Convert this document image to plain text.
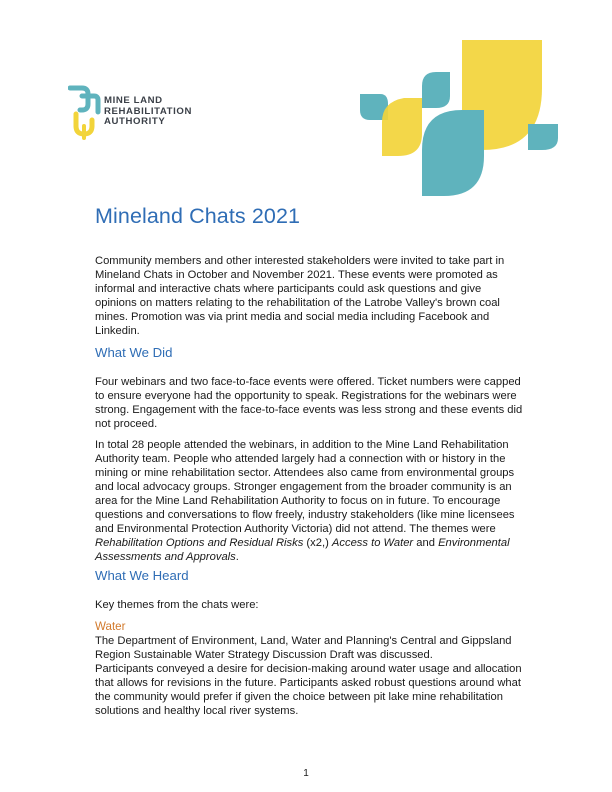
MINE LAND
REHABILITATION
AUTHORITY
Mineland Chats 2021

Community members and other interested stakeholders were invited to take part in Mineland Chats in October and November 2021. These events were promoted as informal and interactive chats where participants could ask questions and give opinions on matters relating to the rehabilitation of the Latrobe Valley's brown coal mines. Promotion was via print media and social media including Facebook and Linkedin.

What We Did

Four webinars and two face-to-face events were offered. Ticket numbers were capped to ensure everyone had the opportunity to speak. Registrations for the webinars were strong. Engagement with the face-to-face events was less strong and these events did not proceed.

In total 28 people attended the webinars, in addition to the Mine Land Rehabilitation Authority team. People who attended largely had a connection with or history in the mining or mine rehabilitation sector. Attendees also came from environmental groups and local advocacy groups. Stronger engagement from the broader community is an area for the Mine Land Rehabilitation Authority to focus on in future. To encourage questions and conversations to flow freely, industry stakeholders (like mine licensees and Environmental Protection Authority Victoria) did not attend. The themes were Rehabilitation Options and Residual Risks (x2,) Access to Water and Environmental Assessments and Approvals.

What We Heard

Key themes from the chats were:

Water

The Department of Environment, Land, Water and Planning's Central and Gippsland Region Sustainable Water Strategy Discussion Draft was discussed.

Participants conveyed a desire for decision-making around water usage and allocation that allows for revisions in the future. Participants asked robust questions around what the community would prefer if given the choice between pit lake mine rehabilitation solutions and healthy local river systems.

1
